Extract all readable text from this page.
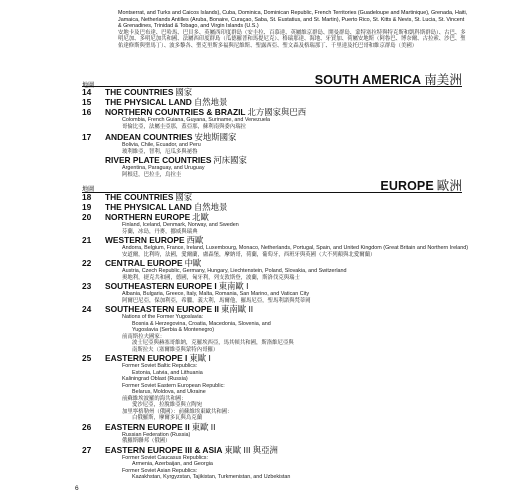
Montserrat, and Turks and Caicos Islands), Cuba, Dominica, Dominican Republic, French Territories (Guadeloupe and Martinique), Grenada, Haiti, Jamaica, Netherlands Antilles (Aruba, Bonaire, Curaçao, Saba, St. Eustatius, and St. Martin), Puerto Rico, St. Kitts & Nevis, St. Lucia, St. Vincent & Grenadines, Trinidad & Tobago, and Virgin Islands (U.S.)
安地卡及巴布達、巴哈馬、巴貝多、英屬西印度群島（安圭拉、百慕達、英屬維京群島、開曼群島、蒙特塞拉特與特克斯和凱科斯群島）、古巴、多明尼加、多明尼加共和國、法屬西印度群島（瓜德羅普和馬提尼克）、格瑞那達、海地、牙買加、荷屬安地斯（阿魯巴、博奈爾、古拉索、沙巴、聖佑達修斯與聖馬丁）、波多黎各、聖克里斯多福與尼維斯、聖露西亞、聖文森及格瑞那丁、千里達及托巴哥和維京群島（美國）
SOUTH AMERICA 南美洲
地圖
14	THE COUNTRIES 國家
15	THE PHYSICAL LAND 自然地景
16	NORTHERN COUNTRIES & BRAZIL 北方國家與巴西
Colombia, French Guiana, Guyana, Suriname, and Venezuela
哥倫比亞，法屬圭亞那，蓋亞那，蘇利南與委內瑞拉
17	ANDEAN COUNTRIES 安地斯國家
Bolivia, Chile, Ecuador, and Peru
玻利維亞，智利，厄瓜多與祕魯
RIVER PLATE COUNTRIES 河床國家
Argentina, Paraguay, and Uruguay
阿根廷，巴拉圭，烏拉圭
EUROPE 歐洲
地圖
18	THE COUNTRIES 國家
19	THE PHYSICAL LAND 自然地景
20	NORTHERN EUROPE 北歐
Finland, Iceland, Denmark, Norway, and Sweden
芬蘭，冰島，丹麥，挪威與瑞典
21	WESTERN EUROPE 西歐
Andorra, Belgium, France, Ireland, Luxembourg, Monaco, Netherlands, Portugal, Spain, and United Kingdom (Great Britain and Northern Ireland)
安道爾，比利時，法國，愛爾蘭，盧森堡，摩納哥，荷蘭，葡萄牙，西班牙與英國（大不列顛與北愛爾蘭）
22	CENTRAL EUROPE 中歐
Austria, Czech Republic, Germany, Hungary, Liechtenstein, Poland, Slovakia, and Switzerland
奧地利，捷克共和國，德國，匈牙利，列支敦斯登，波蘭，斯洛伐克與瑞士
23	SOUTHEASTERN EUROPE I 東南歐 I
Albania, Bulgaria, Greece, Italy, Malta, Romania, San Marino, and Vatican City
阿爾巴尼亞，保加利亞，希臘，義大利，馬爾他，羅馬尼亞，聖馬利諾與梵蒂岡
24	SOUTHEASTERN EUROPE II 東南歐 II
Nations of the Former Yugoslavia:
Bosnia & Herzegovina, Croatia, Macedonia, Slovenia, and
Yugoslavia (Serbia & Montenegro)
前南斯拉夫國家：
波士尼亞與赫塞哥維納，克羅埃西亞，馬其頓共和國，斯洛維尼亞與
南斯拉夫（塞爾維亞與蒙特內哥羅）
25	EASTERN EUROPE I 東歐 I
Former Soviet Baltic Republics:
Estonia, Latvia, and Lithuania
Kaliningrad Oblast (Russia)
Former Soviet Eastern European Republic:
Belarus, Moldova, and Ukraine
前蘇維埃波羅的海共和國：
愛沙尼亞，拉脫維亞與立陶宛
加里寧格勒州（俄國）：前蘇維埃東歐共和國：
白俄羅斯，摩爾多瓦與烏克蘭
26	EASTERN EUROPE II 東歐 II
Russian Federation (Russia)
俄羅斯聯邦（俄國）
27	EASTERN EUROPE III & ASIA 東歐 III 與亞洲
Former Soviet Caucasus Republics:
Armenia, Azerbaijan, and Georgia
Former Soviet Asian Republics:
Kazakhstan, Kyrgyzstan, Tajikistan, Turkmenistan, and Uzbekistan
6
